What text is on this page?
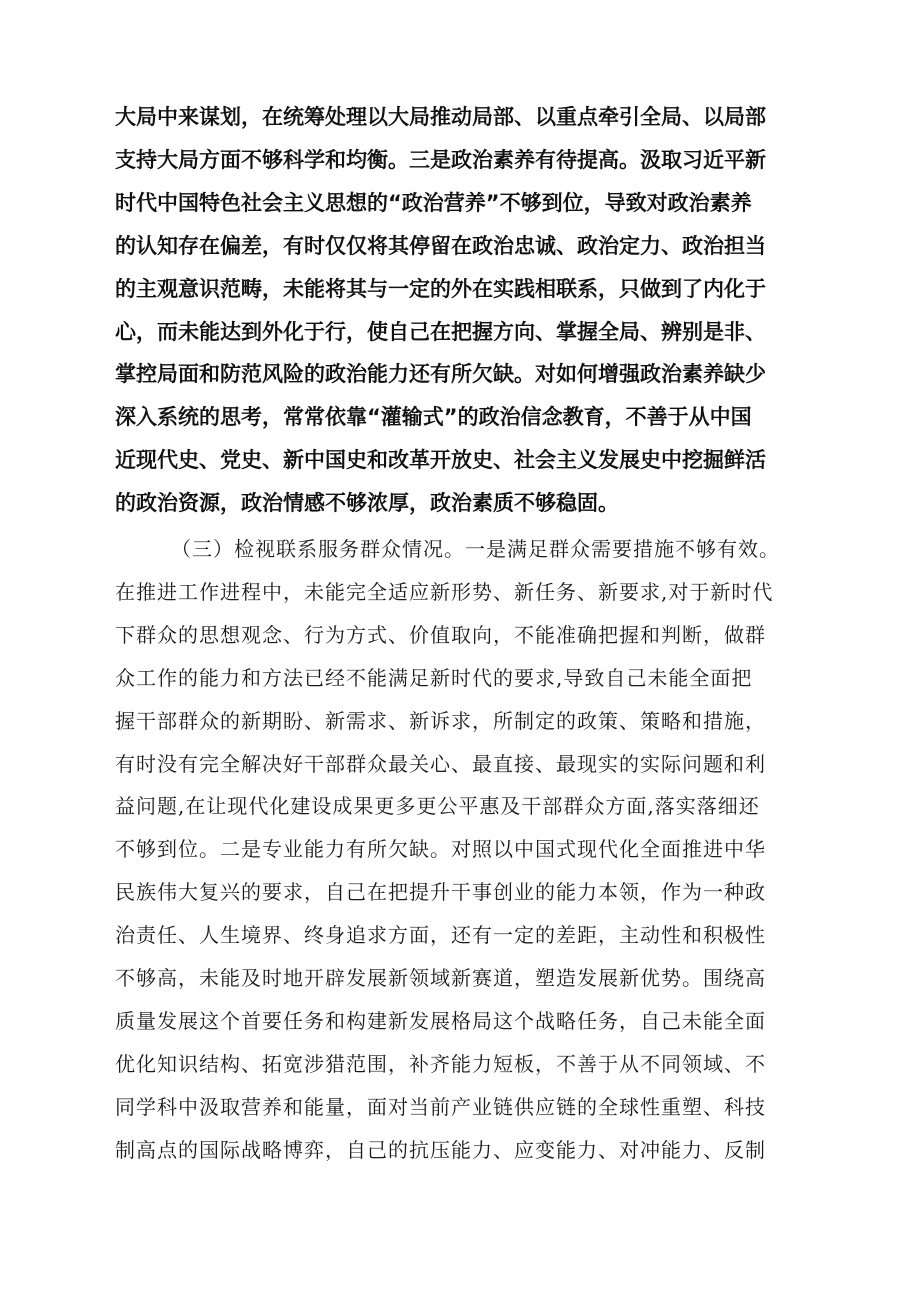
大局中来谋划，在统筹处理以大局推动局部、以重点牵引全局、以局部
支持大局方面不够科学和均衡。三是政治素养有待提高。汲取习近平新
时代中国特色社会主义思想的“政治营养”不够到位，导致对政治素养
的认知存在偏差，有时仅仅将其停留在政治忠诚、政治定力、政治担当
的主观意识范畴，未能将其与一定的外在实践相联系，只做到了内化于
心，而未能达到外化于行，使自己在把握方向、掌握全局、辨别是非、
掌控局面和防范风险的政治能力还有所欠缺。对如何增强政治素养缺少
深入系统的思考，常常依靠“灌输式”的政治信念教育，不善于从中国
近现代史、党史、新中国史和改革开放史、社会主义发展史中挖掘鲜活
的政治资源，政治情感不够浓厚，政治素质不够稳固。
（三）检视联系服务群众情况。一是满足群众需要措施不够有效。
在推进工作进程中，未能完全适应新形势、新任务、新要求,对于新时代
下群众的思想观念、行为方式、价值取向，不能准确把握和判断，做群
众工作的能力和方法已经不能满足新时代的要求,导致自己未能全面把
握干部群众的新期盼、新需求、新诉求，所制定的政策、策略和措施，
有时没有完全解决好干部群众最关心、最直接、最现实的实际问题和利
益问题,在让现代化建设成果更多更公平惠及干部群众方面,落实落细还
不够到位。二是专业能力有所欠缺。对照以中国式现代化全面推进中华
民族伟大复兴的要求，自己在把提升干事创业的能力本领，作为一种政
治责任、人生境界、终身追求方面，还有一定的差距，主动性和积极性
不够高，未能及时地开辟发展新领域新赛道，塑造发展新优势。围绕高
质量发展这个首要任务和构建新发展格局这个战略任务，自己未能全面
优化知识结构、拓宽涉猎范围，补齐能力短板，不善于从不同领域、不
同学科中汲取营养和能量，面对当前产业链供应链的全球性重塑、科技
制高点的国际战略博弈，自己的抗压能力、应变能力、对冲能力、反制
